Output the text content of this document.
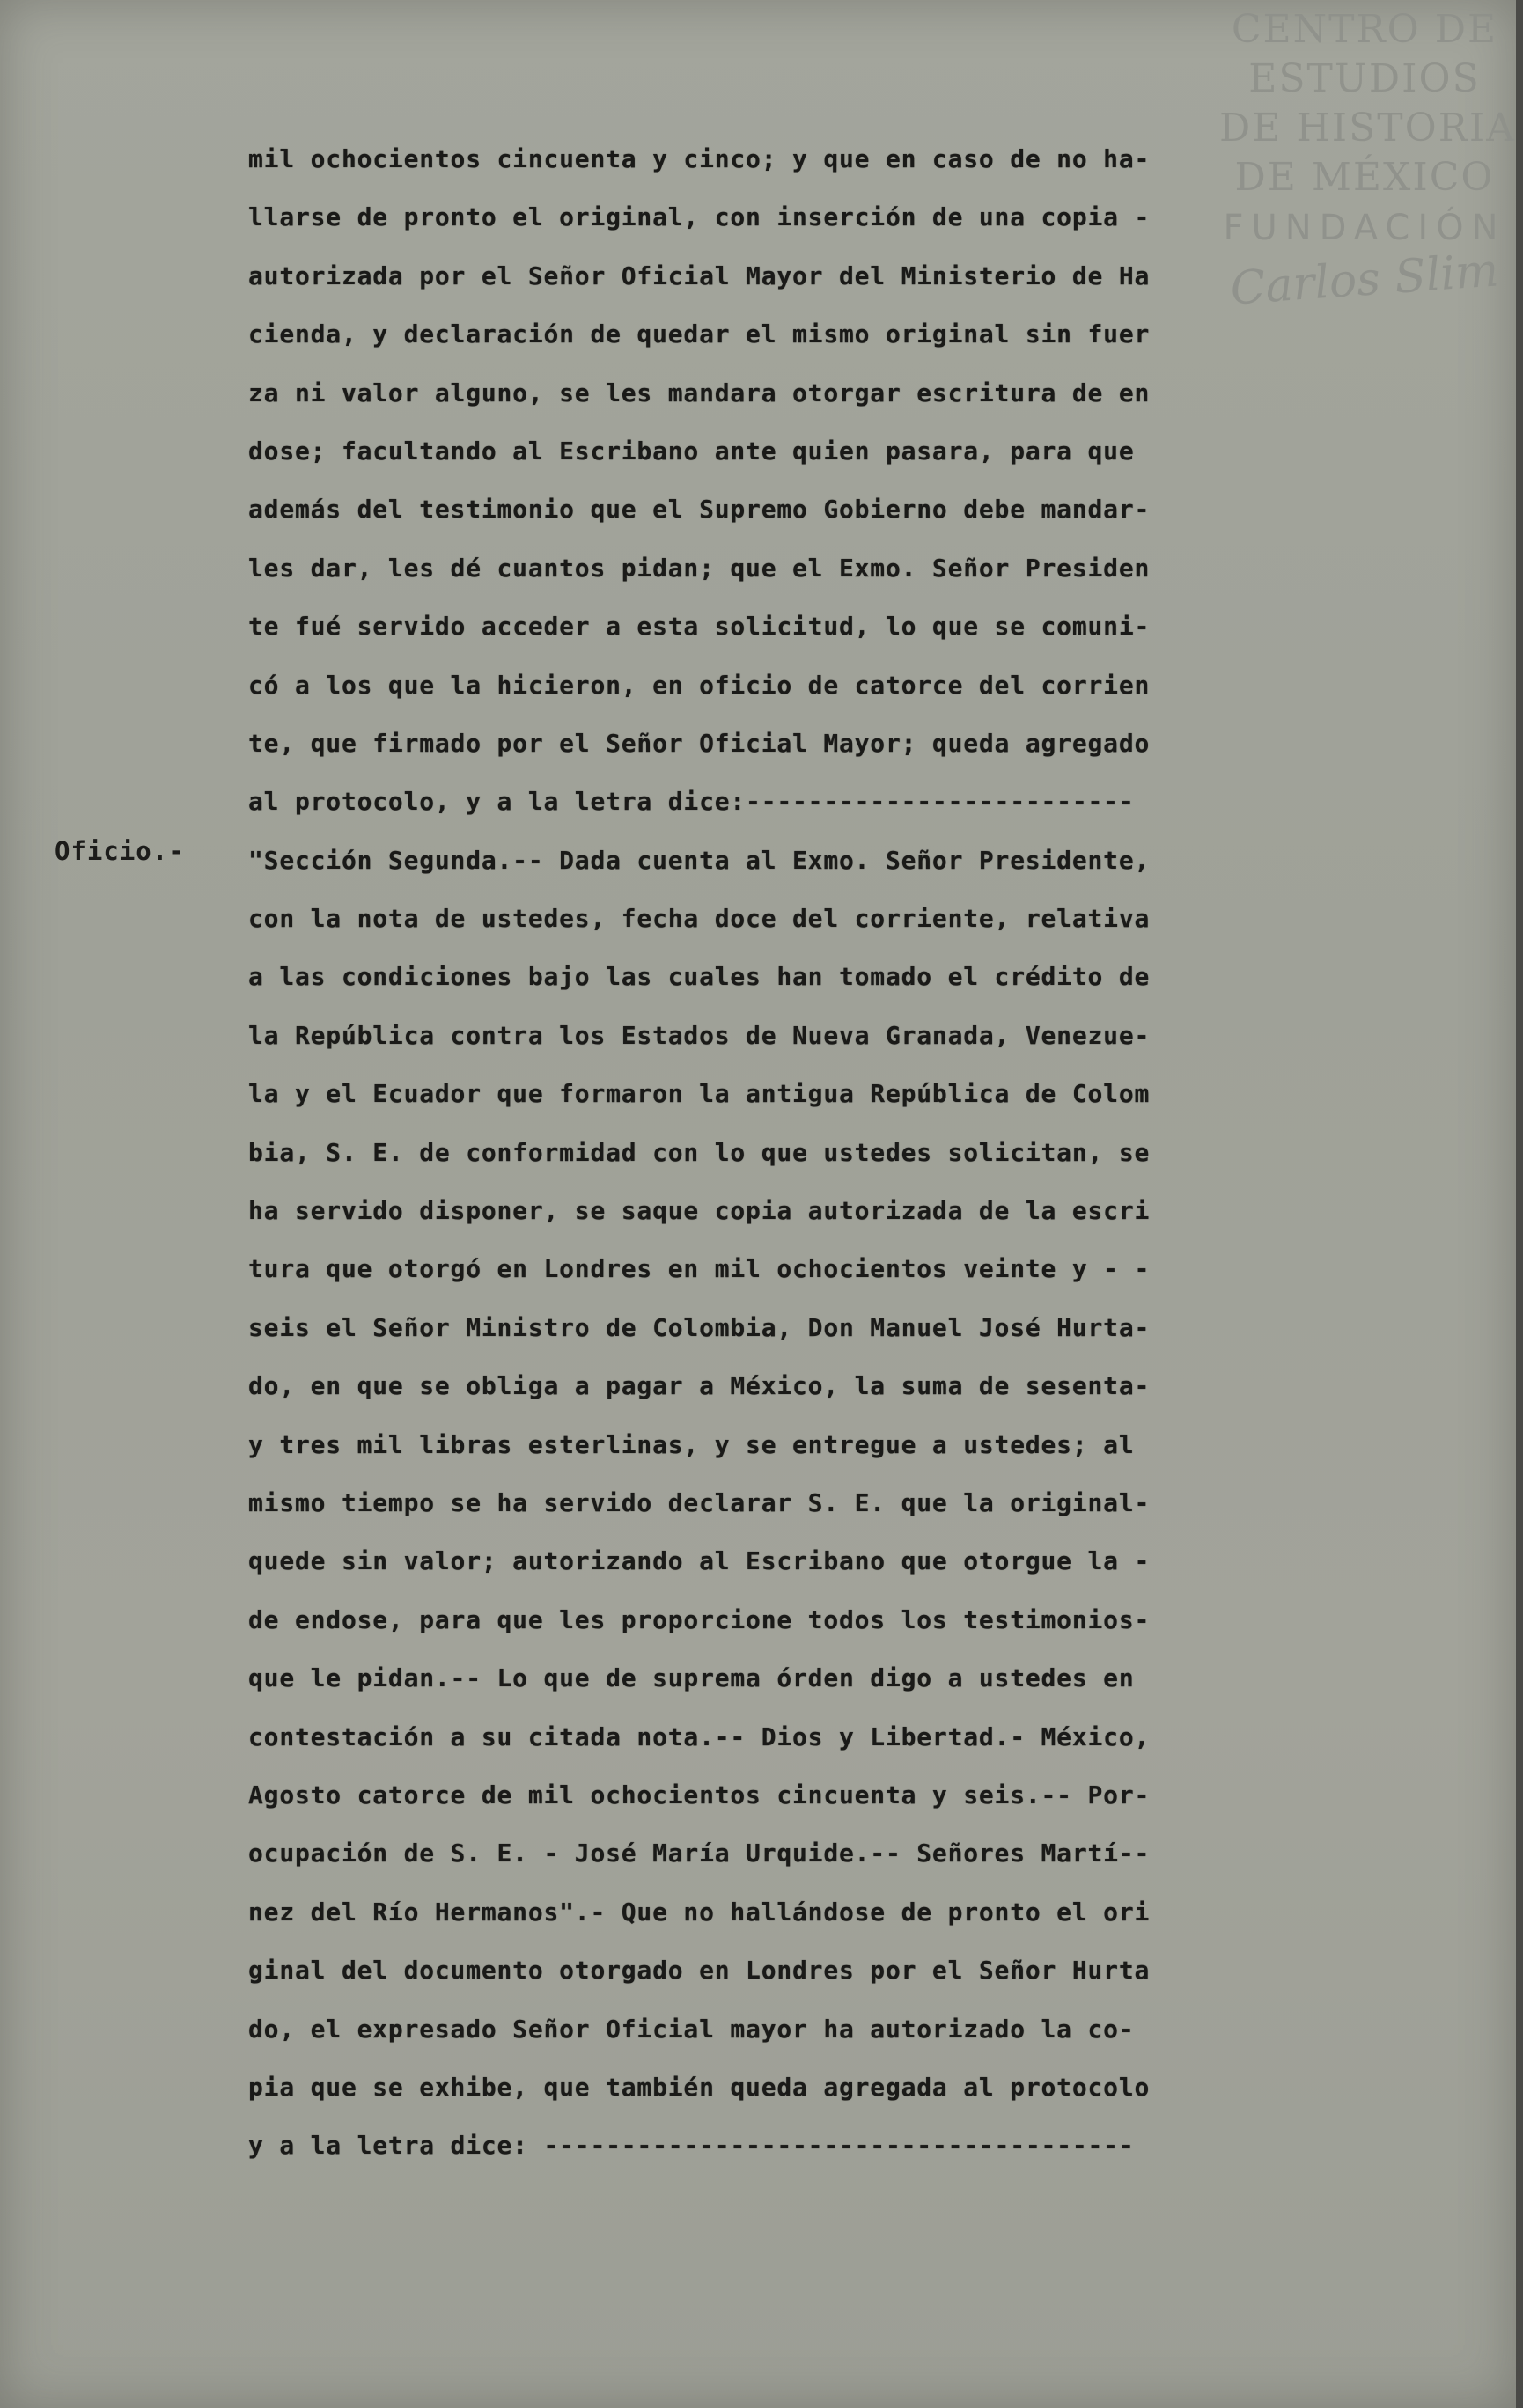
CENTRO DE
ESTUDIOS
DE HISTORIA
DE MÉXICO
FUNDACIÓN
Carlos Slim
Oficio.-
mil ochocientos cincuenta y cinco; y que en caso de no ha-
llarse de pronto el original, con inserción de una copia -
autorizada por el Señor Oficial Mayor del Ministerio de Ha
cienda, y declaración de quedar el mismo original sin fuer
za ni valor alguno, se les mandara otorgar escritura de en
dose; facultando al Escribano ante quien pasara, para que
además del testimonio que el Supremo Gobierno debe mandar-
les dar, les dé cuantos pidan; que el Exmo. Señor Presiden
te fué servido acceder a esta solicitud, lo que se comuni-
có a los que la hicieron, en oficio de catorce del corrien
te, que firmado por el Señor Oficial Mayor; queda agregado
al protocolo, y a la letra dice:-------------------------
"Sección Segunda.-- Dada cuenta al Exmo. Señor Presidente,
con la nota de ustedes, fecha doce del corriente, relativa
a las condiciones bajo las cuales han tomado el crédito de
la República contra los Estados de Nueva Granada, Venezue-
la y el Ecuador que formaron la antigua República de Colom
bia, S. E. de conformidad con lo que ustedes solicitan, se
ha servido disponer, se saque copia autorizada de la escri
tura que otorgó en Londres en mil ochocientos veinte y - -
seis el Señor Ministro de Colombia, Don Manuel José Hurta-
do, en que se obliga a pagar a México, la suma de sesenta-
y tres mil libras esterlinas, y se entregue a ustedes; al
mismo tiempo se ha servido declarar S. E. que la original-
quede sin valor; autorizando al Escribano que otorgue la -
de endose, para que les proporcione todos los testimonios-
que le pidan.-- Lo que de suprema órden digo a ustedes en
contestación a su citada nota.-- Dios y Libertad.- México,
Agosto catorce de mil ochocientos cincuenta y seis.-- Por-
ocupación de S. E. - José María Urquide.-- Señores Martí--
nez del Río Hermanos".- Que no hallándose de pronto el ori
ginal del documento otorgado en Londres por el Señor Hurta
do, el expresado Señor Oficial mayor ha autorizado la co-
pia que se exhibe, que también queda agregada al protocolo
y a la letra dice: --------------------------------------
